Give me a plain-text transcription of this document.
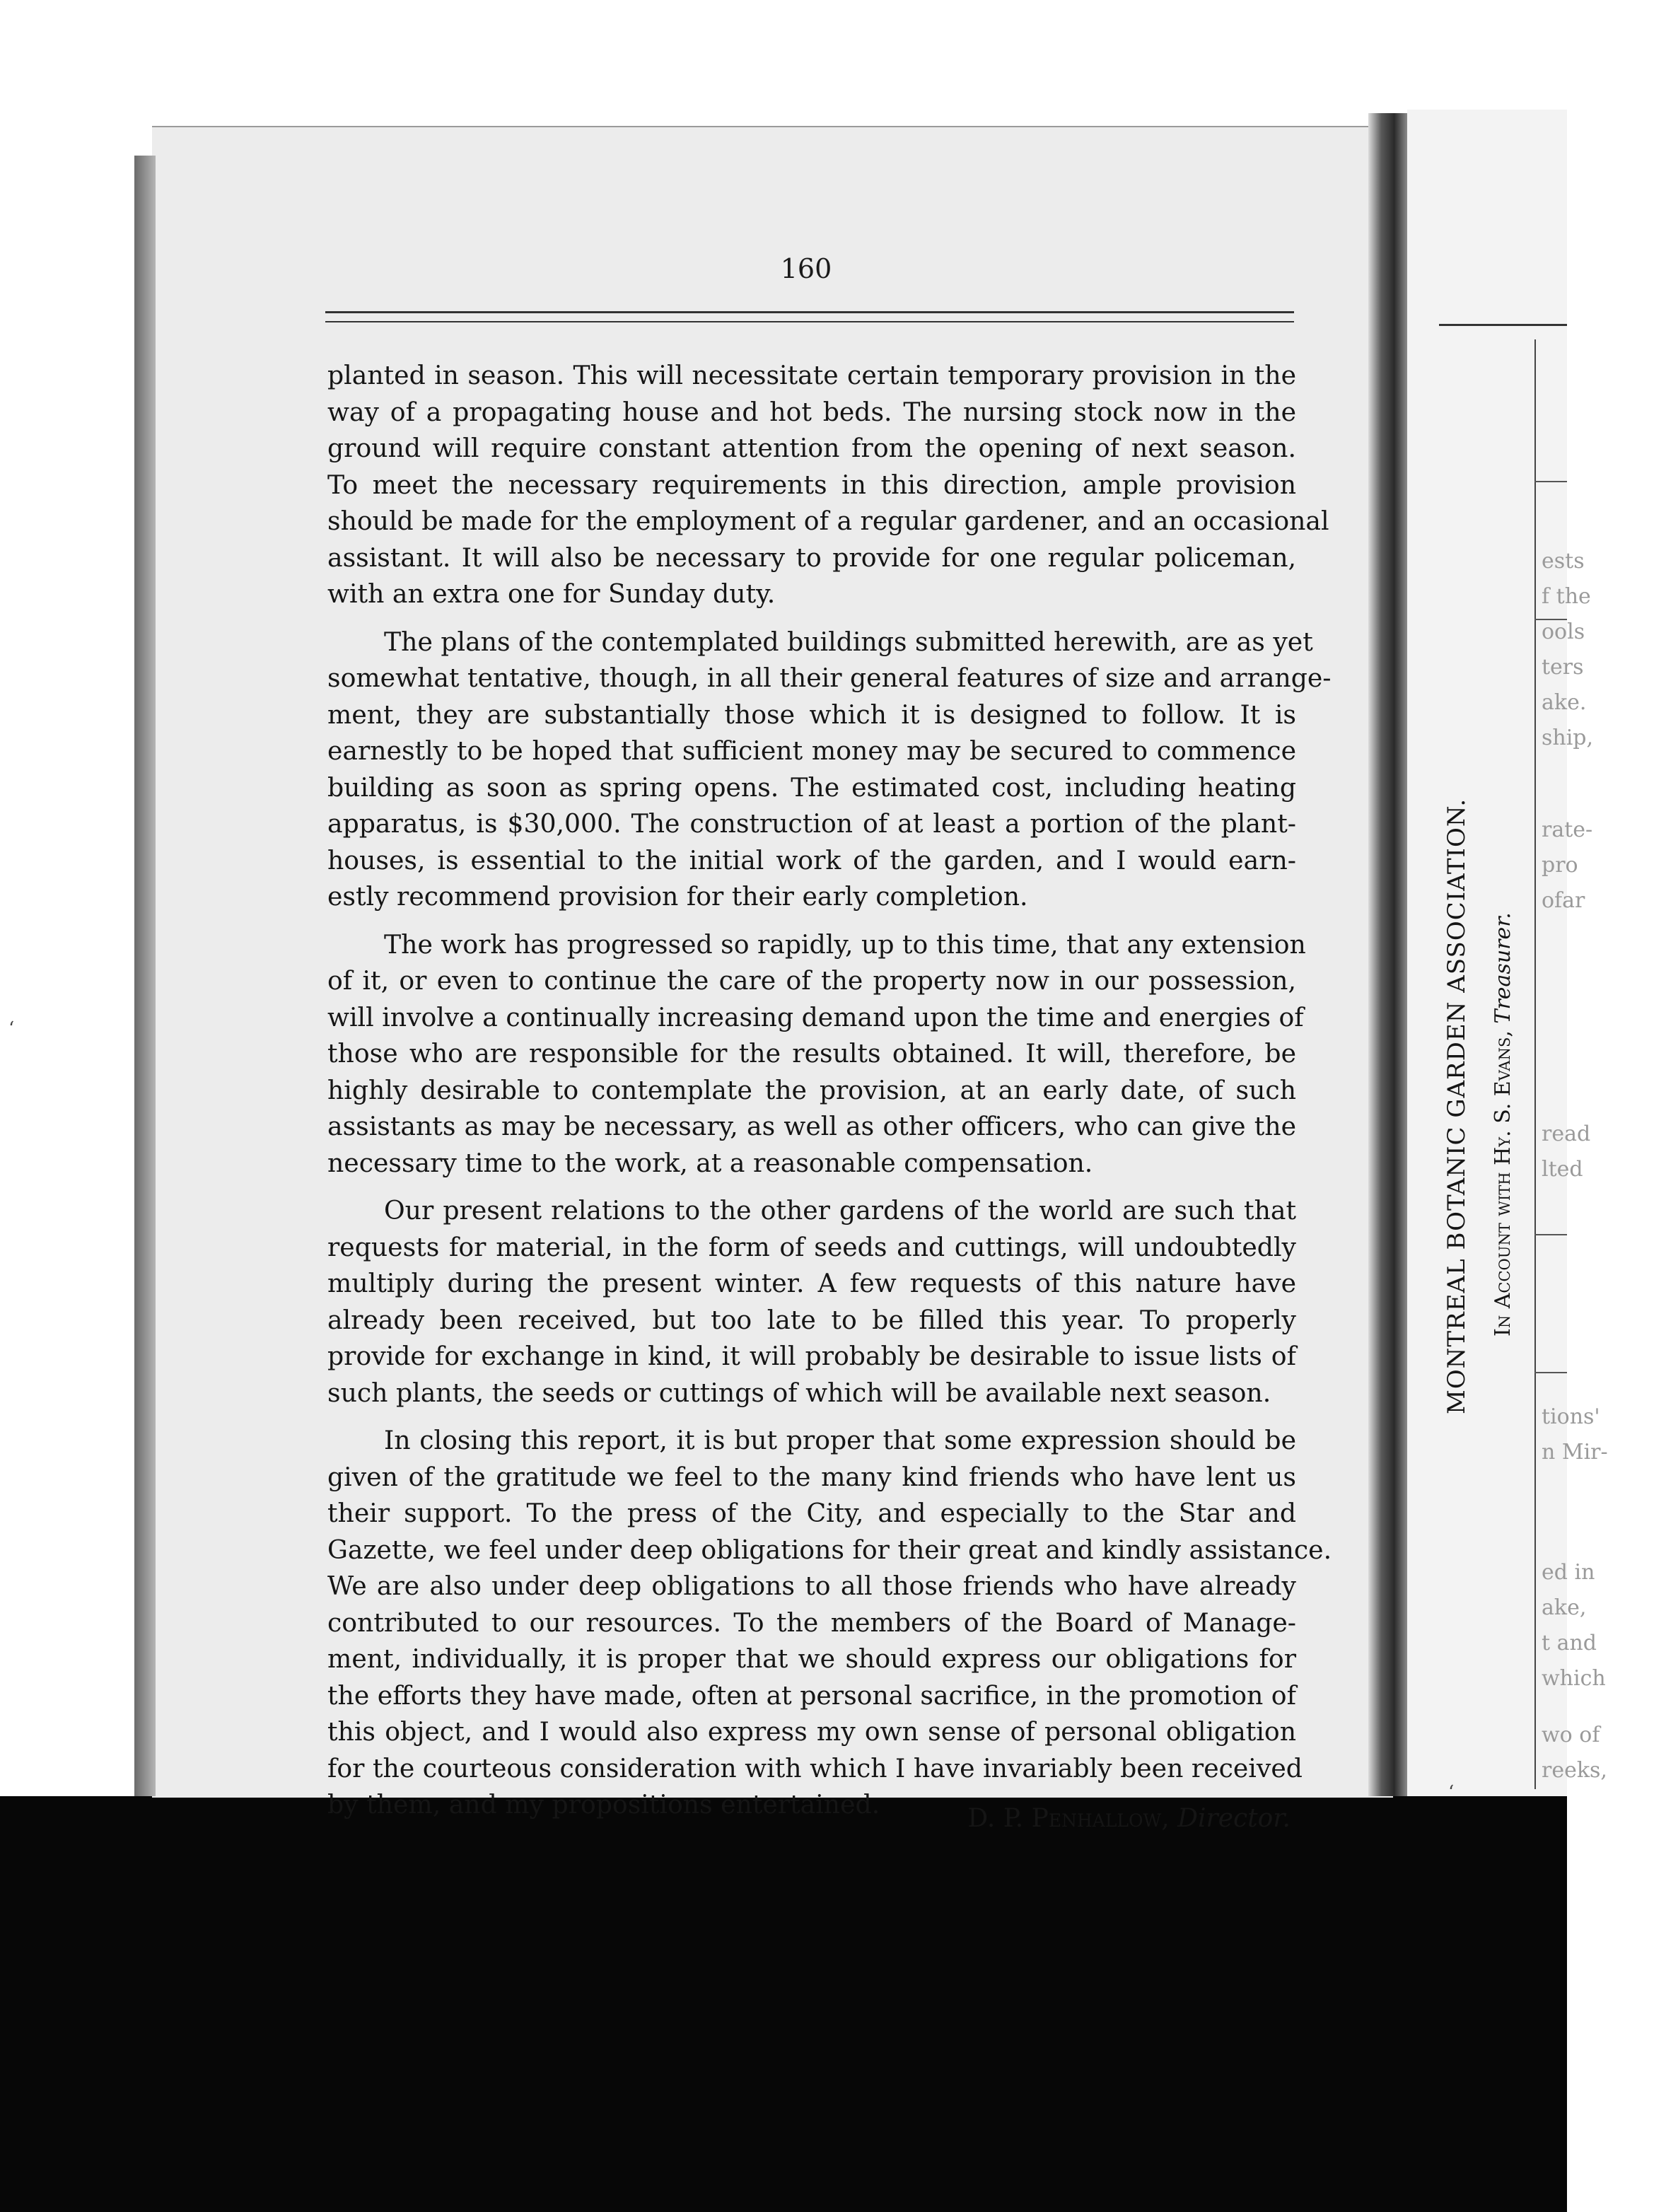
160
planted in season. This will necessitate certain temporary provision in the
way of a propagating house and hot beds. The nursing stock now in the
ground will require constant attention from the opening of next season.
To meet the necessary requirements in this direction, ample provision
should be made for the employment of a regular gardener, and an occasional
assistant. It will also be necessary to provide for one regular policeman,
with an extra one for Sunday duty.
The plans of the contemplated buildings submitted herewith, are as yet
somewhat tentative, though, in all their general features of size and arrange-
ment, they are substantially those which it is designed to follow. It is
earnestly to be hoped that sufficient money may be secured to commence
building as soon as spring opens. The estimated cost, including heating
apparatus, is $30,000. The construction of at least a portion of the plant-
houses, is essential to the initial work of the garden, and I would earn-
estly recommend provision for their early completion.
The work has progressed so rapidly, up to this time, that any extension
of it, or even to continue the care of the property now in our possession,
will involve a continually increasing demand upon the time and energies of
those who are responsible for the results obtained. It will, therefore, be
highly desirable to contemplate the provision, at an early date, of such
assistants as may be necessary, as well as other officers, who can give the
necessary time to the work, at a reasonable compensation.
Our present relations to the other gardens of the world are such that
requests for material, in the form of seeds and cuttings, will undoubtedly
multiply during the present winter. A few requests of this nature have
already been received, but too late to be filled this year. To properly
provide for exchange in kind, it will probably be desirable to issue lists of
such plants, the seeds or cuttings of which will be available next season.
In closing this report, it is but proper that some expression should be
given of the gratitude we feel to the many kind friends who have lent us
their support. To the press of the City, and especially to the Star and
Gazette, we feel under deep obligations for their great and kindly assistance.
We are also under deep obligations to all those friends who have already
contributed to our resources. To the members of the Board of Manage-
ment, individually, it is proper that we should express our obligations for
the efforts they have made, often at personal sacrifice, in the promotion of
this object, and I would also express my own sense of personal obligation
for the courteous consideration with which I have invariably been received
by them, and my propositions entertained.	D. P. Penhallow, Director.
MONTREAL BOTANIC GARDEN ASSOCIATION. In Account with Hy. S. Evans, Treasurer.
ests
f the
ools
ters
ake.
ship,
rate-
pro
ofar
read
lted
tions'
n Mir-
ed in
ake,
t and
which
wo of
reeks,
‘
‘
